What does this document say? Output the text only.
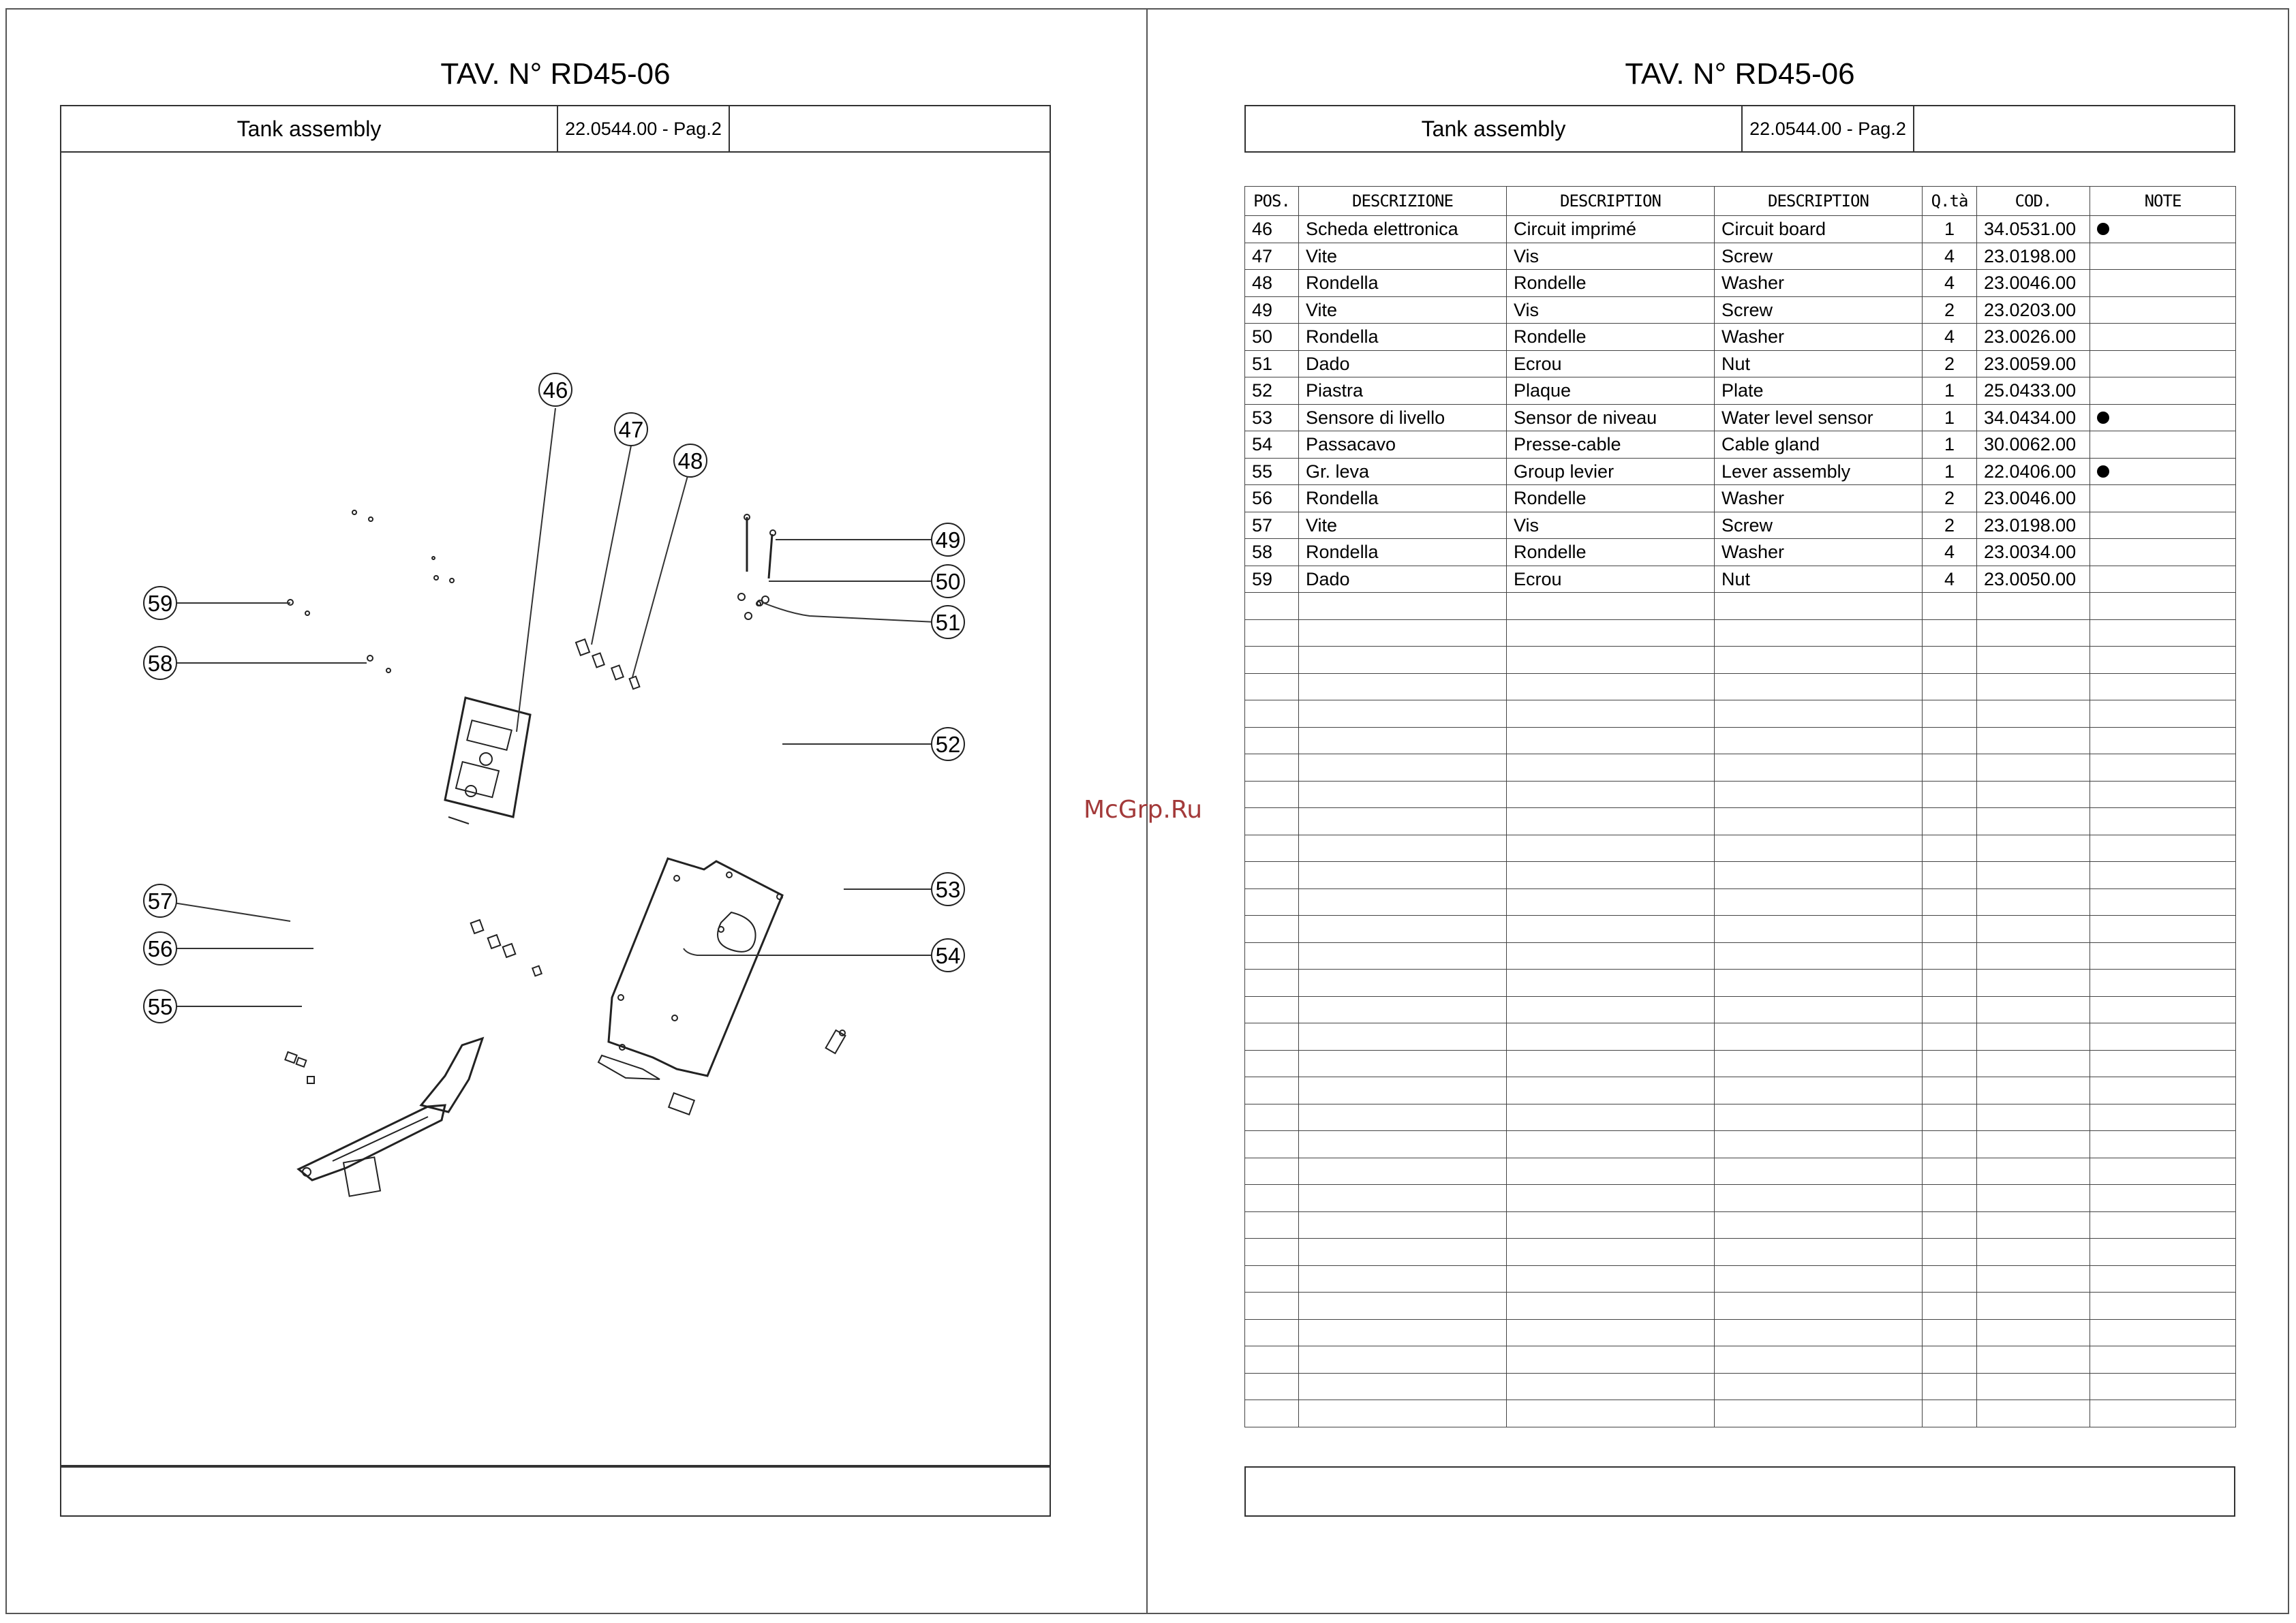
TAV. N° RD45-06
Tank assembly	22.0544.00 - Pag.2
46
47
48
49
50
51
52
53
54
55
56
57
58
59
TAV. N° RD45-06
Tank assembly	22.0544.00 - Pag.2
POS.	DESCRIZIONE	DESCRIPTION	DESCRIPTION	Q.tà	COD.	NOTE
46	Scheda elettronica	Circuit imprimé	Circuit board	1	34.0531.00	
47	Vite	Vis	Screw	4	23.0198.00	
48	Rondella	Rondelle	Washer	4	23.0046.00	
49	Vite	Vis	Screw	2	23.0203.00	
50	Rondella	Rondelle	Washer	4	23.0026.00	
51	Dado	Ecrou	Nut	2	23.0059.00	
52	Piastra	Plaque	Plate	1	25.0433.00	
53	Sensore di livello	Sensor de niveau	Water level sensor	1	34.0434.00	
54	Passacavo	Presse-cable	Cable gland	1	30.0062.00	
55	Gr. leva	Group levier	Lever assembly	1	22.0406.00	
56	Rondella	Rondelle	Washer	2	23.0046.00	
57	Vite	Vis	Screw	2	23.0198.00	
58	Rondella	Rondelle	Washer	4	23.0034.00	
59	Dado	Ecrou	Nut	4	23.0050.00	

McGrp.Ru
